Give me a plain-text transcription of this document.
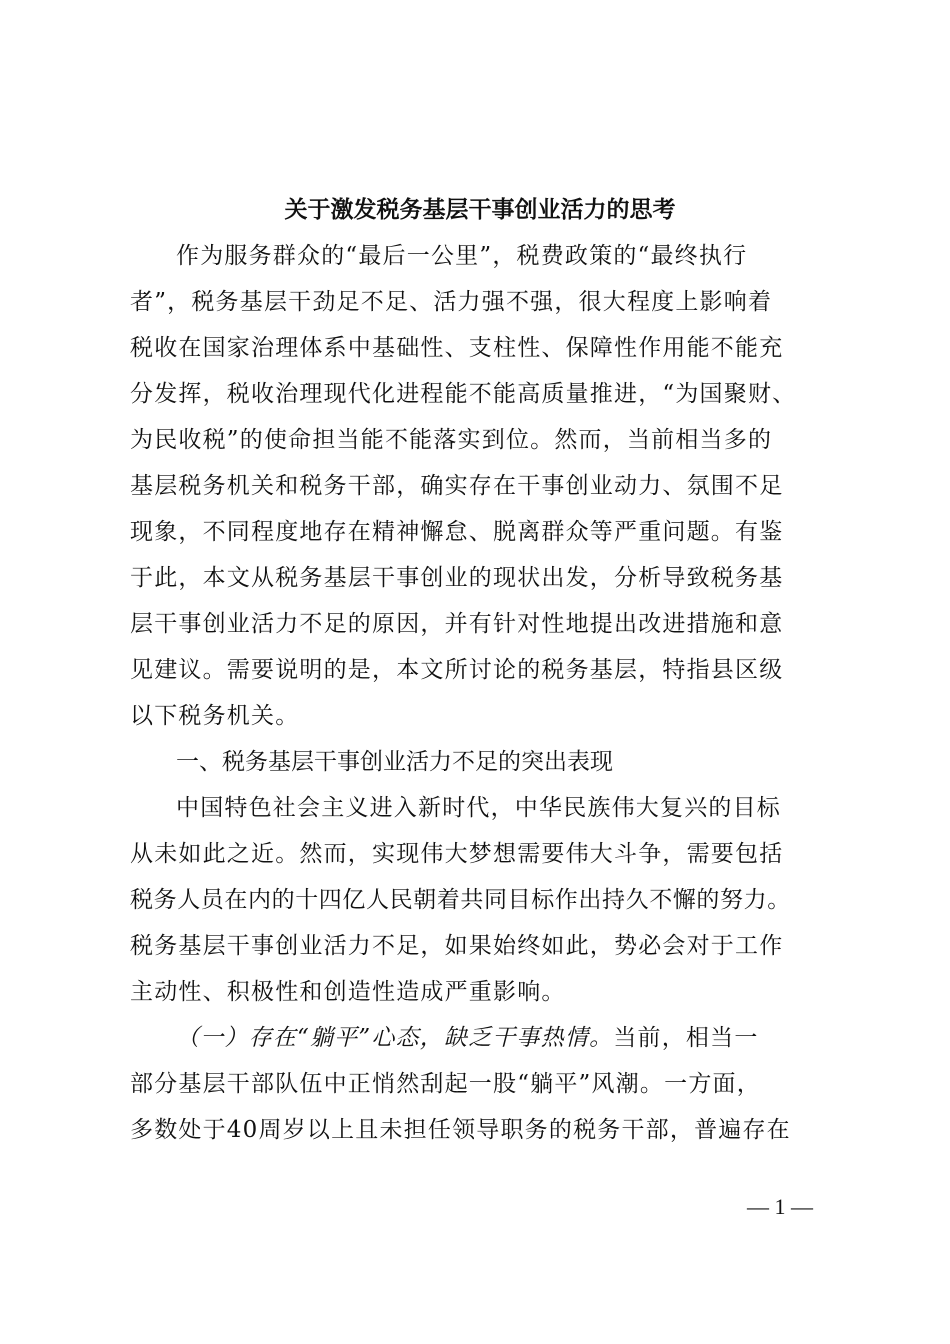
关于激发税务基层干事创业活力的思考
作为服务群众的“最后一公里”，税费政策的“最终执行
者”，税务基层干劲足不足、活力强不强，很大程度上影响着
税收在国家治理体系中基础性、支柱性、保障性作用能不能充
分发挥，税收治理现代化进程能不能高质量推进，“为国聚财、
为民收税”的使命担当能不能落实到位。然而，当前相当多的
基层税务机关和税务干部，确实存在干事创业动力、氛围不足
现象，不同程度地存在精神懈怠、脱离群众等严重问题。有鉴
于此，本文从税务基层干事创业的现状出发，分析导致税务基
层干事创业活力不足的原因，并有针对性地提出改进措施和意
见建议。需要说明的是，本文所讨论的税务基层，特指县区级
以下税务机关。
一、税务基层干事创业活力不足的突出表现
中国特色社会主义进入新时代，中华民族伟大复兴的目标
从未如此之近。然而，实现伟大梦想需要伟大斗争，需要包括
税务人员在内的十四亿人民朝着共同目标作出持久不懈的努力。
税务基层干事创业活力不足，如果始终如此，势必会对于工作
主动性、积极性和创造性造成严重影响。
（一）存在“躺平”心态，缺乏干事热情。当前，相当一
部分基层干部队伍中正悄然刮起一股“躺平”风潮。一方面，
多数处于40周岁以上且未担任领导职务的税务干部，普遍存在
— 1 —
